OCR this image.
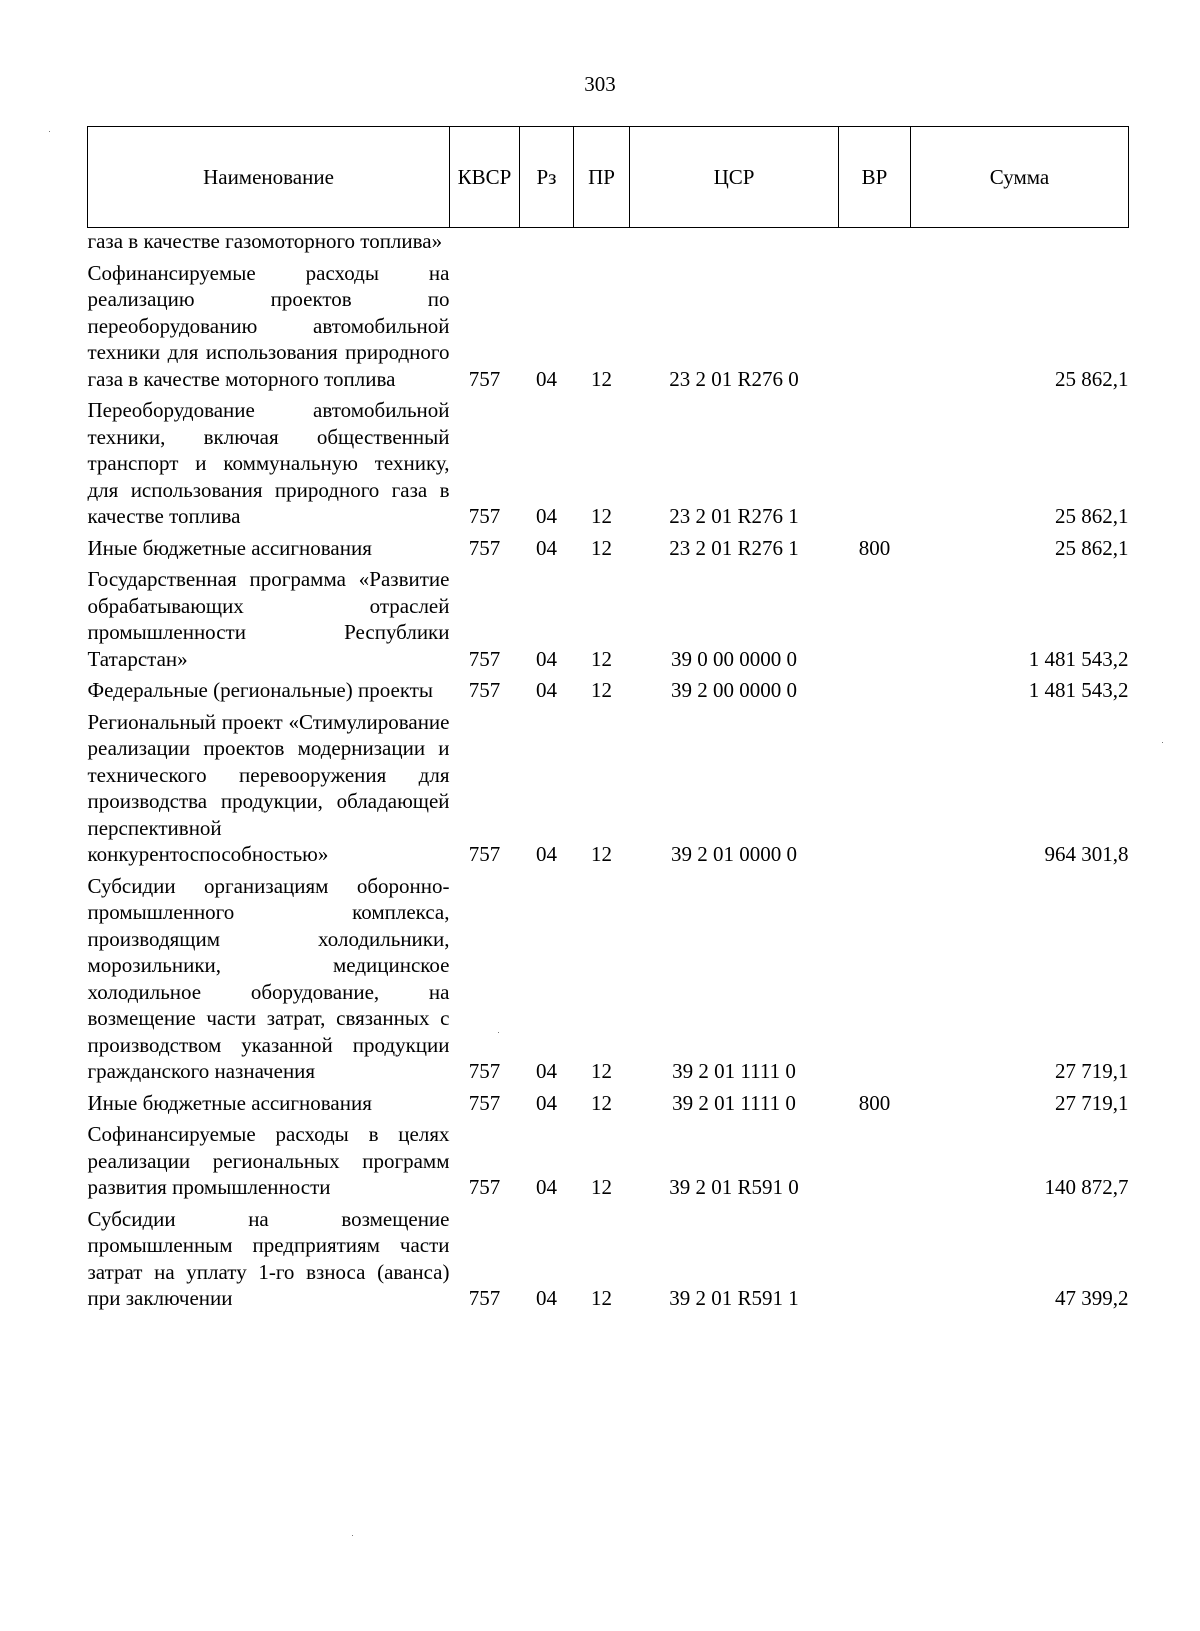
303
Наименование	КВСР	Рз	ПР	ЦСР	ВР	Сумма
газа в качестве газомоторного топлива»						
Софинансируемые расходы на реализацию проектов по переоборудованию автомобильной техники для использования природного газа в качестве моторного топлива	757	04	12	23 2 01 R276 0		25 862,1
Переоборудование автомобильной техники, включая общественный транспорт и коммунальную технику, для использования природного газа в качестве топлива	757	04	12	23 2 01 R276 1		25 862,1
Иные бюджетные ассигнования	757	04	12	23 2 01 R276 1	800	25 862,1
Государственная программа «Развитие обрабатывающих отраслей промышленности Республики Татарстан»	757	04	12	39 0 00 0000 0		1 481 543,2
Федеральные (региональные) проекты	757	04	12	39 2 00 0000 0		1 481 543,2
Региональный проект «Стимулирование реализации проектов модернизации и технического перевооружения для производства продукции, обладающей перспективной конкурентоспособностью»	757	04	12	39 2 01 0000 0		964 301,8
Субсидии организациям оборонно-промышленного комплекса, производящим холодильники, морозильники, медицинское холодильное оборудование, на возмещение части затрат, связанных с производством указанной продукции гражданского назначения	757	04	12	39 2 01 1111 0		27 719,1
Иные бюджетные ассигнования	757	04	12	39 2 01 1111 0	800	27 719,1
Софинансируемые расходы в целях реализации региональных программ развития промышленности	757	04	12	39 2 01 R591 0		140 872,7
Субсидии на возмещение промышленным предприятиям части затрат на уплату 1-го взноса (аванса) при заключении	757	04	12	39 2 01 R591 1		47 399,2
